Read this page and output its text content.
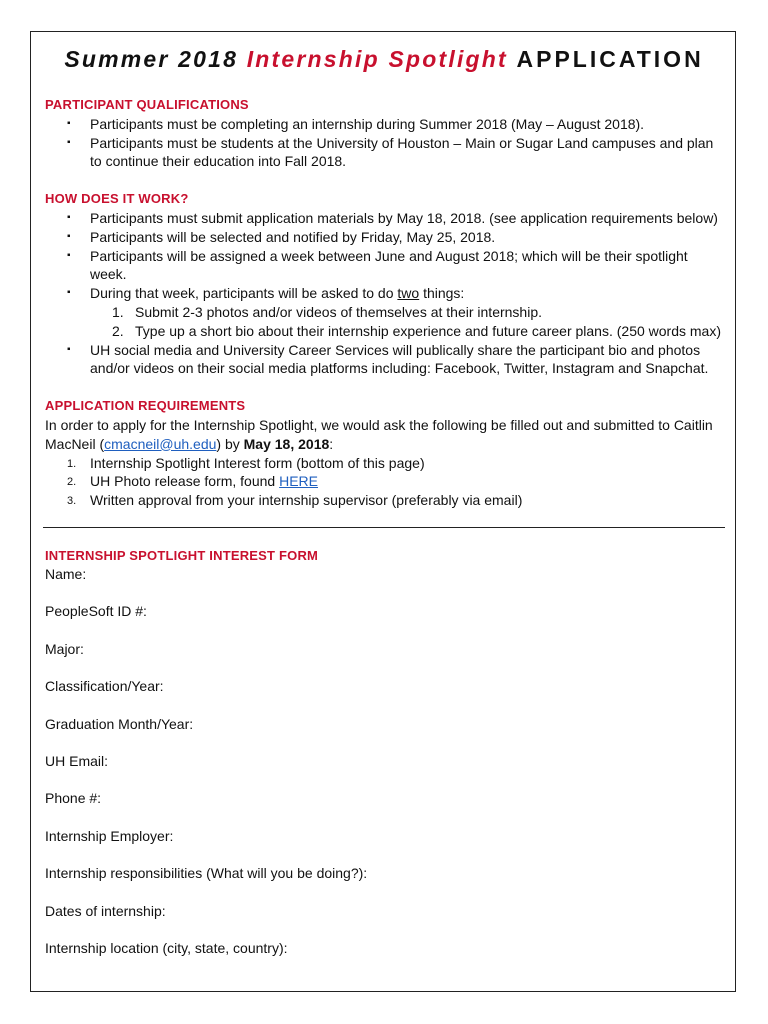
Summer 2018 Internship Spotlight APPLICATION
PARTICIPANT QUALIFICATIONS
▪ Participants must be completing an internship during Summer 2018 (May – August 2018).
▪ Participants must be students at the University of Houston – Main or Sugar Land campuses and plan to continue their education into Fall 2018.
HOW DOES IT WORK?
▪ Participants must submit application materials by May 18, 2018. (see application requirements below)
▪ Participants will be selected and notified by Friday, May 25, 2018.
▪ Participants will be assigned a week between June and August 2018; which will be their spotlight week.
▪ During that week, participants will be asked to do two things:
1. Submit 2-3 photos and/or videos of themselves at their internship.
2. Type up a short bio about their internship experience and future career plans. (250 words max)
▪ UH social media and University Career Services will publically share the participant bio and photos and/or videos on their social media platforms including: Facebook, Twitter, Instagram and Snapchat.
APPLICATION REQUIREMENTS
In order to apply for the Internship Spotlight, we would ask the following be filled out and submitted to Caitlin MacNeil (cmacneil@uh.edu) by May 18, 2018:
1. Internship Spotlight Interest form (bottom of this page)
2. UH Photo release form, found HERE
3. Written approval from your internship supervisor (preferably via email)
INTERNSHIP SPOTLIGHT INTEREST FORM
Name:
PeopleSoft ID #:
Major:
Classification/Year:
Graduation Month/Year:
UH Email:
Phone #:
Internship Employer:
Internship responsibilities (What will you be doing?):
Dates of internship:
Internship location (city, state, country):
